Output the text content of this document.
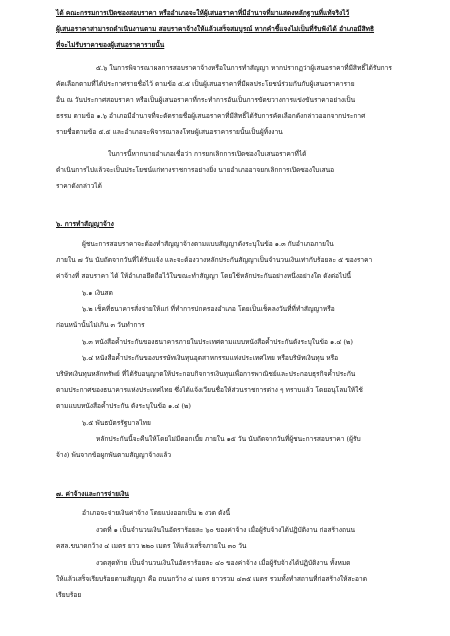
ได้ คณะกรรมการเปิดซองสอบราคา หรืออำเภอจะให้ผู้เสนอราคาที่มีอำนาจที่มาแสดงหลักฐานที่แท้จริงไว้
ผู้เสนอราคาสามารถดำเนินงานตาม สอบราคาจ้างให้แล้วเสร็จสมบูรณ์ หากคำชี้แจงไม่เป็นที่รับฟังได้ อำเภอมีสิทธิ
ที่จะไม่รับราคาของผู้เสนอราคารายนั้น
๕.๖ ในการพิจารณาผลการสอบราคาจ้างหรือในการทำสัญญา หากปรากฏว่าผู้เสนอราคาที่มีสิทธิ์ได้รับการ
คัดเลือกตามที่ได้ประกาศรายชื่อไว้ ตามข้อ ๕.๕ เป็นผู้เสนอราคาที่มีผลประโยชน์ร่วมกันกับผู้เสนอราคาราย
อื่น ณ วันประกาศสอบราคา หรือเป็นผู้เสนอราคาที่กระทำการอันเป็นการขัดขวางการแข่งขันราคาอย่างเป็น
ธรรม ตามข้อ ๑.๖ อำเภอมีอำนาจที่จะตัดรายชื่อผู้เสนอราคาที่มีสิทธิ์ได้รับการคัดเลือกดังกล่าวออกจากประกาศ
รายชื่อตามข้อ ๕.๕ และอำเภอจะพิจารณาลงโทษผู้เสนอราคารายนั้นเป็นผู้ทิ้งงาน
ในการนี้หากนายอำเภอเชื่อว่า การยกเลิกการเปิดซองใบเสนอราคาที่ได้
ดำเนินการไปแล้วจะเป็นประโยชน์แก่ทางราชการอย่างยิ่ง นายอำเภออาจยกเลิกการเปิดซองใบเสนอ
ราคาดังกล่าวได้
๖. การทำสัญญาจ้าง
ผู้ชนะการสอบราคาจะต้องทำสัญญาจ้างตามแบบสัญญาดังระบุในข้อ ๑.๓ กับอำเภอภายใน
ภายใน ๗ วัน นับถัดจากวันที่ได้รับแจ้ง และจะต้องวางหลักประกันสัญญาเป็นจำนวนเงินเท่ากับร้อยละ ๕ ของราคา
ค่าจ้างที่ สอบราคา ได้ ให้อำเภอยึดถือไว้ในขณะทำสัญญา โดยใช้หลักประกันอย่างหนึ่งอย่างใด ดังต่อไปนี้
๖.๑ เงินสด
๖.๒ เช็คที่ธนาคารสั่งจ่ายให้แก่ ที่ทำการปกครองอำเภอ โดยเป็นเช็คลงวันที่ที่ทำสัญญาหรือ
ก่อนหน้านั้นไม่เกิน ๓ วันทำการ
๖.๓ หนังสือค้ำประกันของธนาคารภายในประเทศตามแบบหนังสือค้ำประกันดังระบุในข้อ ๑.๔ (๒)
๖.๔ หนังสือค้ำประกันของบรรษัทเงินทุนอุตสาหกรรมแห่งประเทศไทย หรือบริษัทเงินทุน หรือ
บริษัทเงินทุนหลักทรัพย์ ที่ได้รับอนุญาตให้ประกอบกิจการเงินทุนเพื่อการพาณิชย์และประกอบธุรกิจค้ำประกัน
ตามประกาศของธนาคารแห่งประเทศไทย ซึ่งได้แจ้งเวียนชื่อให้ส่วนราชการต่าง ๆ ทราบแล้ว โดยอนุโลมให้ใช้
ตามแบบหนังสือค้ำประกัน ดังระบุในข้อ ๑.๔ (๒)
๖.๕ พันธบัตรรัฐบาลไทย
หลักประกันนี้จะคืนให้โดยไม่มีดอกเบี้ย ภายใน ๑๕ วัน นับถัดจากวันที่ผู้ชนะการสอบราคา (ผู้รับ
จ้าง) พ้นจากข้อผูกพันตามสัญญาจ้างแล้ว
๗. ค่าจ้างและการจ่ายเงิน
อำเภอจะจ่ายเงินค่าจ้าง โดยแบ่งออกเป็น ๒ งวด ดังนี้
งวดที่ ๑ เป็นจำนวนเงินในอัตราร้อยละ ๖๐ ของค่าจ้าง เมื่อผู้รับจ้างได้ปฏิบัติงาน ก่อสร้างถนน
คสล.ขนาดกว้าง ๔ เมตร ยาว ๒๒๐ เมตร ให้แล้วเสร็จภายใน ๓๐ วัน
งวดสุดท้าย เป็นจำนวนเงินในอัตราร้อยละ ๔๐ ของค่าจ้าง เมื่อผู้รับจ้างได้ปฏิบัติงาน ทั้งหมด
ให้แล้วเสร็จเรียบร้อยตามสัญญา คือ ถนนกว้าง ๔ เมตร ยาวรวม ๔๓๕ เมตร รวมทั้งทำสถานที่ก่อสร้างให้สะอาด
เรียบร้อย
